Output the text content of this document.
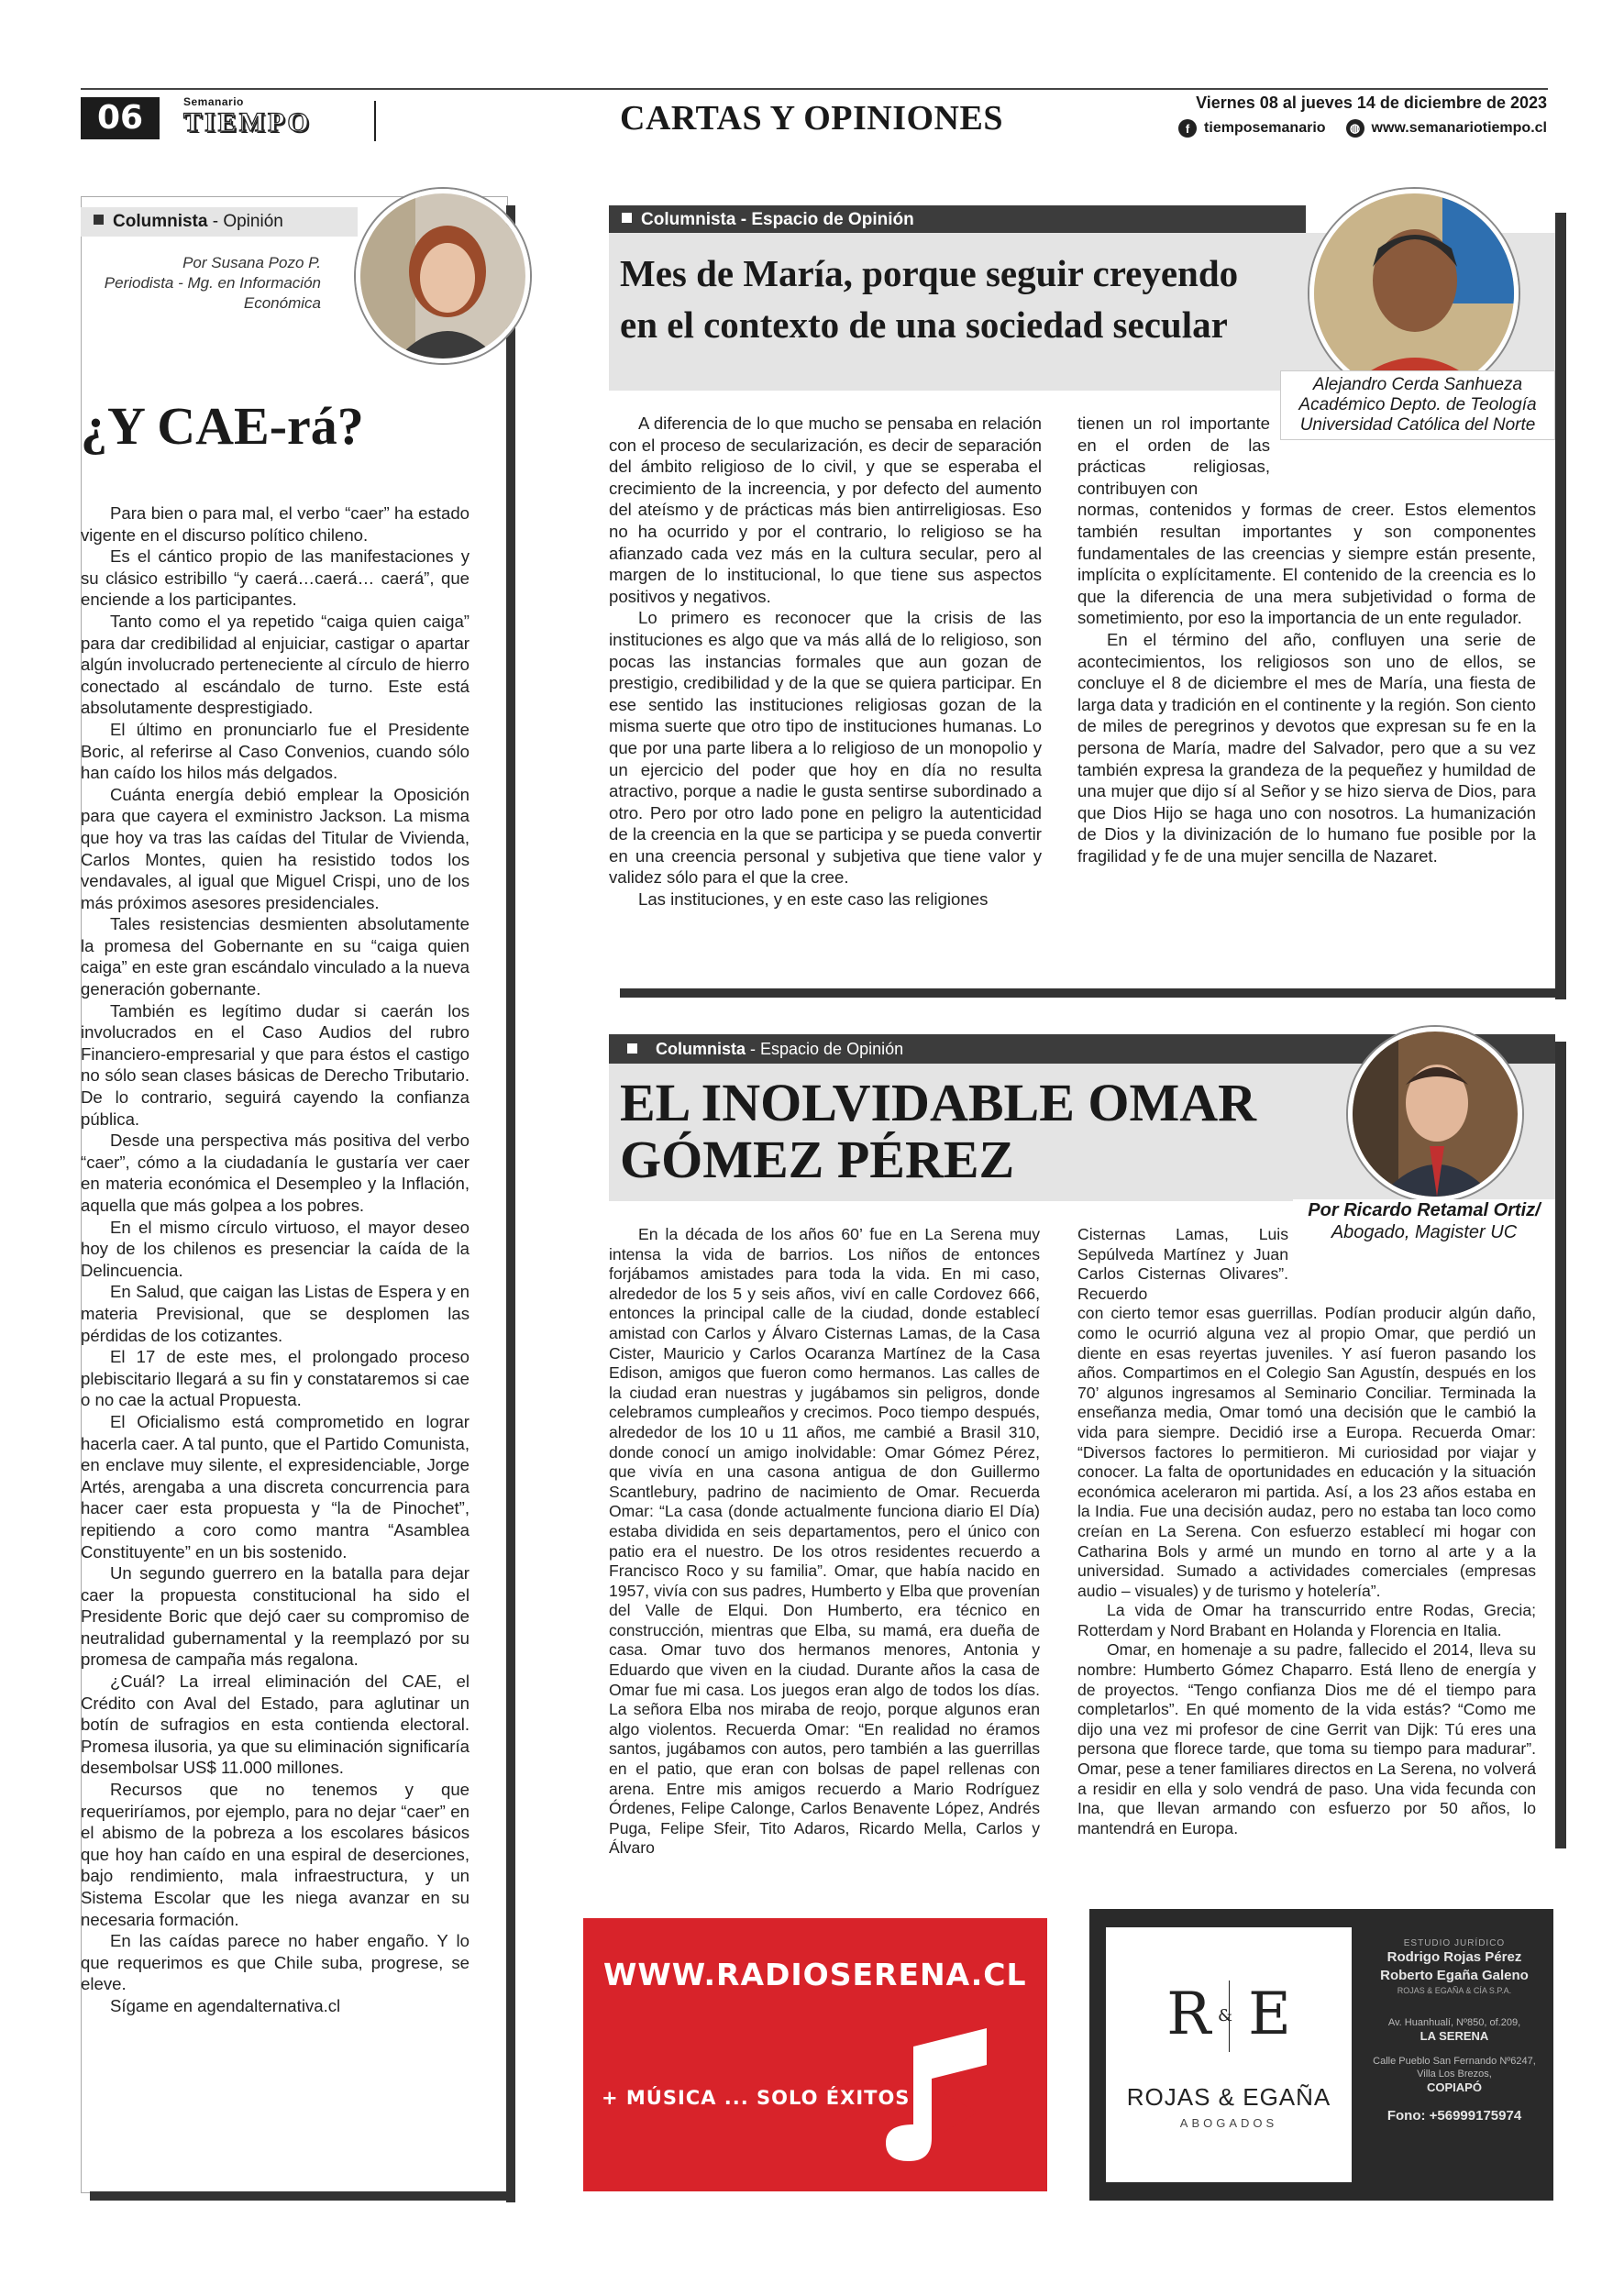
06	Semanario
TIEMPO	CARTAS Y OPINIONES	Viernes 08 al jueves 14 de diciembre de 2023
f tiemposemanario	◍ www.semanariotiempo.cl
Columnista - Opinión
Por Susana Pozo P.
Periodista - Mg. en Información
Económica
¿Y CAE-rá?

Para bien o para mal, el verbo “caer” ha estado vigente en el discurso político chileno.

Es el cántico propio de las manifestaciones y su clásico estribillo “y caerá…caerá… caerá”, que enciende a los participantes.

Tanto como el ya repetido “caiga quien caiga” para dar credibilidad al enjuiciar, castigar o apartar algún involucrado perteneciente al círculo de hierro conectado al escándalo de turno. Este está absolutamente desprestigiado.

El último en pronunciarlo fue el Presidente Boric, al referirse al Caso Convenios, cuando sólo han caído los hilos más delgados.

Cuánta energía debió emplear la Oposición para que cayera el exministro Jackson. La misma que hoy va tras las caídas del Titular de Vivienda, Carlos Montes, quien ha resistido todos los vendavales, al igual que Miguel Crispi, uno de los más próximos asesores presidenciales.

Tales resistencias desmienten absolutamente la promesa del Gobernante en su “caiga quien caiga” en este gran escándalo vinculado a la nueva generación gobernante.

También es legítimo dudar si caerán los involucrados en el Caso Audios del rubro Financiero-empresarial y que para éstos el castigo no sólo sean clases básicas de Derecho Tributario. De lo contrario, seguirá cayendo la confianza pública.

Desde una perspectiva más positiva del verbo “caer”, cómo a la ciudadanía le gustaría ver caer en materia económica el Desempleo y la Inflación, aquella que más golpea a los pobres.

En el mismo círculo virtuoso, el mayor deseo hoy de los chilenos es presenciar la caída de la Delincuencia.

En Salud, que caigan las Listas de Espera y en materia Previsional, que se desplomen las pérdidas de los cotizantes.

El 17 de este mes, el prolongado proceso plebiscitario llegará a su fin y constataremos si cae o no cae la actual Propuesta.

El Oficialismo está comprometido en lograr hacerla caer. A tal punto, que el Partido Comunista, en enclave muy silente, el expresidenciable, Jorge Artés, arengaba a una discreta concurrencia para hacer caer esta propuesta y “la de Pinochet”, repitiendo a coro como mantra “Asamblea Constituyente” en un bis sostenido.

Un segundo guerrero en la batalla para dejar caer la propuesta constitucional ha sido el Presidente Boric que dejó caer su compromiso de neutralidad gubernamental y la reemplazó por su promesa de campaña más regalona.

¿Cuál? La irreal eliminación del CAE, el Crédito con Aval del Estado, para aglutinar un botín de sufragios en esta contienda electoral. Promesa ilusoria, ya que su eliminación significaría desembolsar US$ 11.000 millones.

Recursos que no tenemos y que requeriríamos, por ejemplo, para no dejar “caer” en el abismo de la pobreza a los escolares básicos que hoy han caído en una espiral de deserciones, bajo rendimiento, mala infraestructura, y un Sistema Escolar que les niega avanzar en su necesaria formación.

En las caídas parece no haber engaño. Y lo que requerimos es que Chile suba, progrese, se eleve.

Sígame en agendalternativa.cl

Columnista - Espacio de Opinión
Mes de María, porque seguir creyendo en el contexto de una sociedad secular
Alejandro Cerda Sanhueza
Académico Depto. de Teología
Universidad Católica del Norte

A diferencia de lo que mucho se pensaba en relación con el proceso de secularización, es decir de separación del ámbito religioso de lo civil, y que se esperaba el crecimiento de la increencia, y por defecto del aumento del ateísmo y de prácticas más bien antirreligiosas. Eso no ha ocurrido y por el contrario, lo religioso se ha afianzado cada vez más en la cultura secular, pero al margen de lo institucional, lo que tiene sus aspectos positivos y negativos.

Lo primero es reconocer que la crisis de las instituciones es algo que va más allá de lo religioso, son pocas las instancias formales que aun gozan de prestigio, credibilidad y de la que se quiera participar. En ese sentido las instituciones religiosas gozan de la misma suerte que otro tipo de instituciones humanas. Lo que por una parte libera a lo religioso de un monopolio y un ejercicio del poder que hoy en día no resulta atractivo, porque a nadie le gusta sentirse subordinado a otro. Pero por otro lado pone en peligro la autenticidad de la creencia en la que se participa y se pueda convertir en una creencia personal y subjetiva que tiene valor y validez sólo para el que la cree.

Las instituciones, y en este caso las religiones

tienen un rol importante en el orden de las prácticas religiosas, contribuyen con

normas, contenidos y formas de creer. Estos elementos también resultan importantes y son componentes fundamentales de las creencias y siempre están presente, implícita o explícitamente. El contenido de la creencia es lo que la diferencia de una mera subjetividad o forma de sometimiento, por eso la importancia de un ente regulador.

En el término del año, confluyen una serie de acontecimientos, los religiosos son uno de ellos, se concluye el 8 de diciembre el mes de María, una fiesta de larga data y tradición en el continente y la región. Son ciento de miles de peregrinos y devotos que expresan su fe en la persona de María, madre del Salvador, pero que a su vez también expresa la grandeza de la pequeñez y humildad de una mujer que dijo sí al Señor y se hizo sierva de Dios, para que Dios Hijo se haga uno con nosotros. La humanización de Dios y la divinización de lo humano fue posible por la fragilidad y fe de una mujer sencilla de Nazaret.

Columnista - Espacio de Opinión
EL INOLVIDABLE OMAR
GÓMEZ PÉREZ
Por Ricardo Retamal Ortiz/
Abogado, Magister UC

En la década de los años 60’ fue en La Serena muy intensa la vida de barrios. Los niños de entonces forjábamos amistades para toda la vida. En mi caso, alrededor de los 5 y seis años, viví en calle Cordovez 666, entonces la principal calle de la ciudad, donde establecí amistad con Carlos y Álvaro Cisternas Lamas, de la Casa Cister, Mauricio y Carlos Ocaranza Martínez de la Casa Edison, amigos que fueron como hermanos. Las calles de la ciudad eran nuestras y jugábamos sin peligros, donde celebramos cumpleaños y crecimos. Poco tiempo después, alrededor de los 10 u 11 años, me cambié a Brasil 310, donde conocí un amigo inolvidable: Omar Gómez Pérez, que vivía en una casona antigua de don Guillermo Scantlebury, padrino de nacimiento de Omar. Recuerda Omar: “La casa (donde actualmente funciona diario El Día) estaba dividida en seis departamentos, pero el único con patio era el nuestro. De los otros residentes recuerdo a Francisco Roco y su familia”. Omar, que había nacido en 1957, vivía con sus padres, Humberto y Elba que provenían del Valle de Elqui. Don Humberto, era técnico en construcción, mientras que Elba, su mamá, era dueña de casa. Omar tuvo dos hermanos menores, Antonia y Eduardo que viven en la ciudad. Durante años la casa de Omar fue mi casa. Los juegos eran algo de todos los días. La señora Elba nos miraba de reojo, porque algunos eran algo violentos. Recuerda Omar: “En realidad no éramos santos, jugábamos con autos, pero también a las guerrillas en el patio, que eran con bolsas de papel rellenas con arena. Entre mis amigos recuerdo a Mario Rodríguez Órdenes, Felipe Calonge, Carlos Benavente López, Andrés Puga, Felipe Sfeir, Tito Adaros, Ricardo Mella, Carlos y Álvaro

Cisternas Lamas, Luis Sepúlveda Martínez y Juan Carlos Cisternas Olivares”. Recuerdo

con cierto temor esas guerrillas. Podían producir algún daño, como le ocurrió alguna vez al propio Omar, que perdió un diente en esas reyertas juveniles. Y así fueron pasando los años. Compartimos en el Colegio San Agustín, después en los 70’ algunos ingresamos al Seminario Conciliar. Terminada la enseñanza media, Omar tomó una decisión que le cambió la vida para siempre. Decidió irse a Europa. Recuerda Omar: “Diversos factores lo permitieron. Mi curiosidad por viajar y conocer. La falta de oportunidades en educación y la situación económica aceleraron mi partida. Así, a los 23 años estaba en la India. Fue una decisión audaz, pero no estaba tan loco como creían en La Serena. Con esfuerzo establecí mi hogar con Catharina Bols y armé un mundo en torno al arte y a la universidad. Sumado a actividades comerciales (empresas audio – visuales) y de turismo y hotelería”.

La vida de Omar ha transcurrido entre Rodas, Grecia; Rotterdam y Nord Brabant en Holanda y Florencia en Italia.

Omar, en homenaje a su padre, fallecido el 2014, lleva su nombre: Humberto Gómez Chaparro. Está lleno de energía y de proyectos. “Tengo confianza Dios me dé el tiempo para completarlos”. En qué momento de la vida estás? “Como me dijo una vez mi profesor de cine Gerrit van Dijk: Tú eres una persona que florece tarde, que toma su tiempo para madurar”. Omar, pese a tener familiares directos en La Serena, no volverá a residir en ella y solo vendrá de paso. Una vida fecunda con Ina, que llevan armando con esfuerzo por 50 años, lo mantendrá en Europa.

WWW.RADIOSERENA.CL
+ MÚSICA ... SOLO ÉXITOS
R E
&
ROJAS & EGAÑA
ABOGADOS
ESTUDIO JURÍDICO
Rodrigo Rojas Pérez
Roberto Egaña Galeno
ROJAS & EGAÑA & CÍA S.P.A.
Av. Huanhualí, Nº850, of.209,
LA SERENA
Calle Pueblo San Fernando Nº6247, Villa Los Brezos,
COPIAPÓ
Fono: +56999175974
